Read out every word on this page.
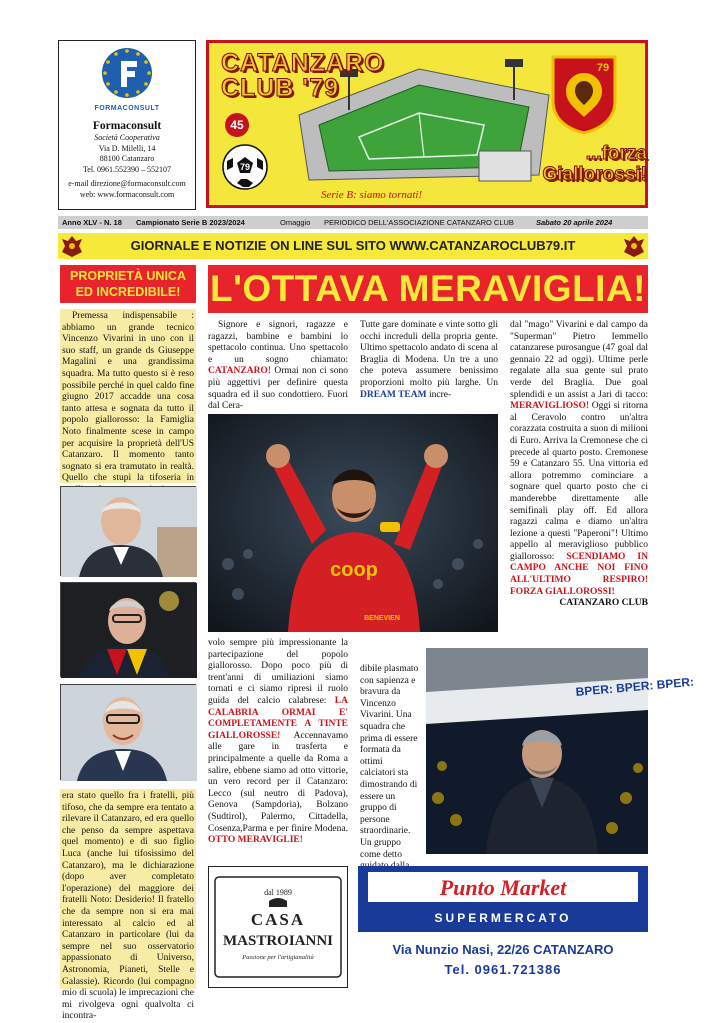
FORMACONSULT
Formaconsult
Società Cooperativa
Via D. Milelli, 14
88100 Catanzaro
Tel. 0961.552390 – 552107
e-mail direzione@formaconsult.com
web: www.formaconsult.com
CATANZARO
CLUB '79
45
79
79
...forza
Giallorossi!
Serie B: siamo tornati!
Anno XLV - N. 18 Campionato Serie B 2023/2024	Omaggio PERIODICO DELL'ASSOCIAZIONE CATANZARO CLUB	Sabato 20 aprile 2024
GIORNALE E NOTIZIE ON LINE SUL SITO WWW.CATANZAROCLUB79.IT
PROPRIETÀ UNICA
ED INCREDIBILE!
Premessa indispensabile : abbiamo un grande tecnico Vincenzo Vivarini in uno con il suo staff, un grande ds Giuseppe Magalini e una grandissima squadra. Ma tutto questo si è reso possibile perché in quel caldo fine giugno 2017 accadde una cosa tanto attesa e sognata da tutto il popolo giallorosso: la Famiglia Noto finalmente scese in campo per acquisire la proprietà dell'US Catanzaro. Il momento tanto sognato si era tramutato in realtà. Quello che stupì la tifoseria in
era stato quello fra i fratelli, più tifoso, che da sempre era tentato a rilevare il Catanzaro, ed era quello che penso da sempre aspettava quel momento) e di suo figlio Luca (anche lui tifosissimo del Catanzaro), ma le dichiarazione (dopo aver completato l'operazione) del maggiore dei fratelli Noto: Desiderio! Il fratello che da sempre non si era mai interessato al calcio ed al Catanzaro in particolare (lui da sempre nel suo osservatorio appassionato di Universo, Astronomia, Pianeti, Stelle e Galassie). Ricordo (lui compagno mio di scuola) le imprecazioni che mi rivolgeva ogni qualvolta ci incontra-
L'OTTAVA MERAVIGLIA!
Signore e signori, ragazze e ragazzi, bambine e bambini lo spettacolo continua. Uno spettacolo e un sogno chiamato: CATANZARO! Ormai non ci sono più aggettivi per definire questa squadra ed il suo condottiero. Fuori dal Cera-
Tutte gare dominate e vinte sotto gli occhi increduli della propria gente. Ultimo spettacolo andato di scena al Braglia di Modena. Un tre a uno che poteva assumere benissimo proporzioni molto più larghe. Un DREAM TEAM incre-
dal "mago" Vivarini e dal campo da "Superman" Pietro Iemmello catanzarese purosangue (47 goal dal gennaio 22 ad oggi). Ultime perle regalate alla sua gente sul prato verde del Braglia. Due goal splendidi e un assist a Jari di tacco: MERAVIGLIOSO! Oggi si ritorna al Ceravolo contro un'altra corazzata costruita a suon di milioni di Euro. Arriva la Cremonese che ci precede al quarto posto. Cremonese 59 e Catanzaro 55. Una vittoria ed allora potremmo cominciare a sognare quel quarto posto che ci manderebbe direttamente alle semifinali play off. Ed allora ragazzi calma e diamo un'altra lezione a questi "Paperoni"! Ultimo appello al meraviglioso pubblico giallorosso: SCENDIAMO IN CAMPO ANCHE NOI FINO ALL'ULTIMO RESPIRO! FORZA GIALLOROSSI!
CATANZARO CLUB
coop
BENEVIEN
volo sempre più impressionante la partecipazione del popolo giallorosso. Dopo poco più di trent'anni di umiliazioni siamo tornati e ci siamo ripresi il ruolo guida del calcio calabrese: LA CALABRIA ORMAI E' COMPLETAMENTE A TINTE GIALLOROSSE! Accennavamo alle gare in trasferta e principalmente a quelle da Roma a salire, ebbene siamo ad otto vittorie, un vero record per il Catanzaro: Lecco (sul neutro di Padova), Genova (Sampdoria), Bolzano (Sudtirol), Palermo, Cittadella, Cosenza,Parma e per finire Modena. OTTO MERAVIGLIE!
dibile plasmato con sapienza e bravura da Vincenzo Vivarini. Una squadra che prima di essere formata da ottimi calciatori sta dimostrando di essere un gruppo di persone straordinarie. Un gruppo come detto
BPER: BPER: BPER:
dal 1989
CASA
MASTROIANNI
Passione per l'artigianalità
Punto Market
SUPERMERCATO
Via Nunzio Nasi, 22/26 CATANZARO
Tel. 0961.721386
